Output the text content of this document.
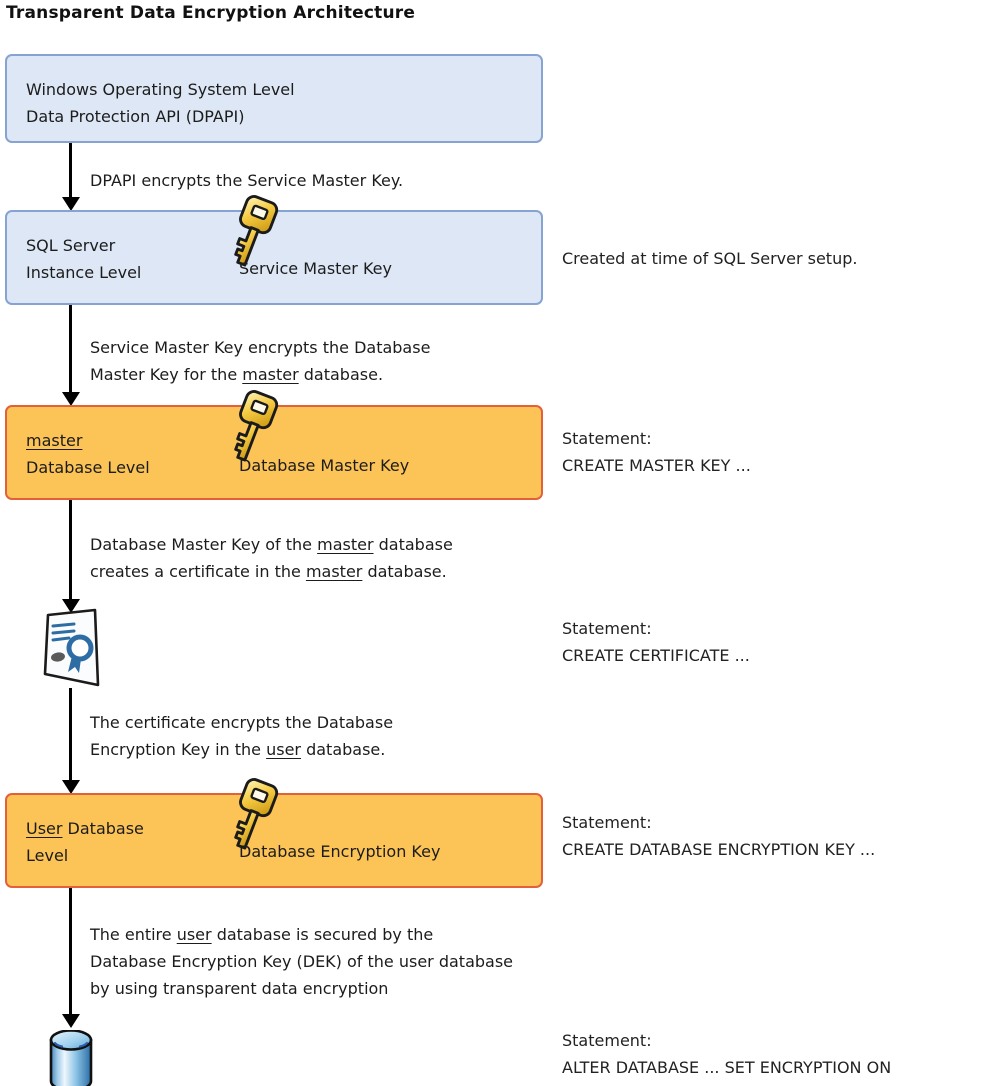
Transparent Data Encryption Architecture
Windows Operating System Level
Data Protection API (DPAPI)
DPAPI encrypts the Service Master Key.
SQL Server
Instance Level	Service Master Key
Created at time of SQL Server setup.
Service Master Key encrypts the Database
Master Key for the master database.
master
Database Level	Database Master Key
Statement:
CREATE MASTER KEY ...
Database Master Key of the master database
creates a certificate in the master database.
Statement:
CREATE CERTIFICATE ...
The certificate encrypts the Database
Encryption Key in the user database.
User Database
Level	Database Encryption Key
Statement:
CREATE DATABASE ENCRYPTION KEY ...
The entire user database is secured by the
Database Encryption Key (DEK) of the user database
by using transparent data encryption
Statement:
ALTER DATABASE ... SET ENCRYPTION ON
